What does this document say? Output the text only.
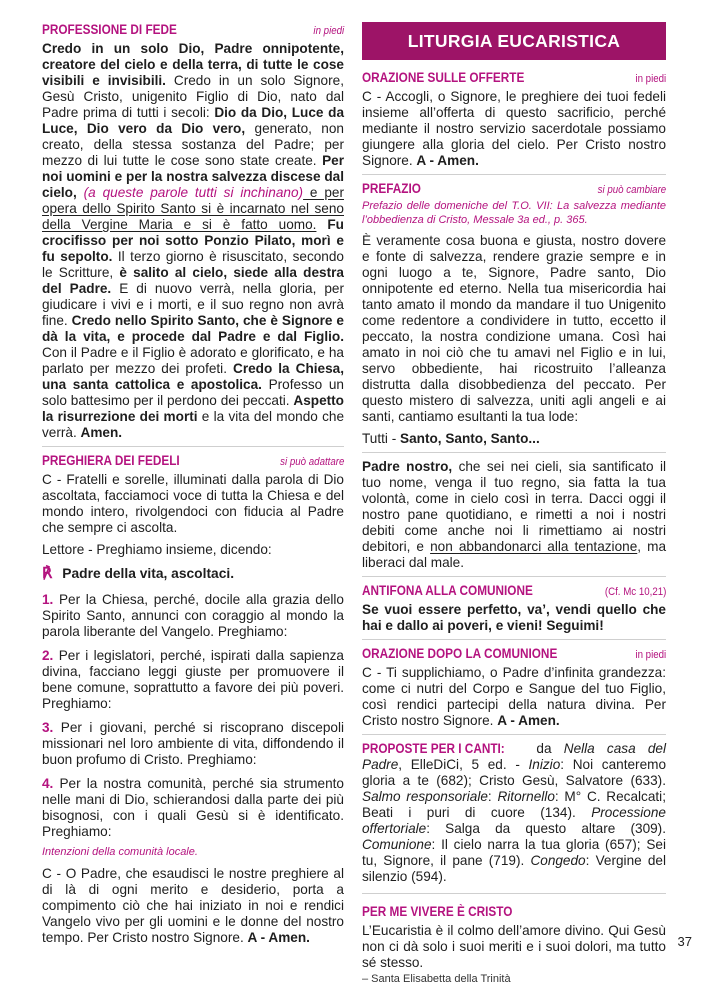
PROFESSIONE DI FEDE	in piedi

Credo in un solo Dio, Padre onnipotente, creatore del cielo e della terra, di tutte le cose visibili e invisibili. Credo in un solo Signore, Gesù Cristo, unigenito Figlio di Dio, nato dal Padre prima di tutti i secoli: Dio da Dio, Luce da Luce, Dio vero da Dio vero, generato, non creato, della stessa sostanza del Padre; per mezzo di lui tutte le cose sono state create. Per noi uomini e per la nostra salvezza discese dal cielo, (a queste parole tutti si inchinano) e per opera dello Spirito Santo si è incarnato nel seno della Vergine Maria e si è fatto uomo. Fu crocifisso per noi sotto Ponzio Pilato, morì e fu sepolto. Il terzo giorno è risuscitato, secondo le Scritture, è salito al cielo, siede alla destra del Padre. E di nuovo verrà, nella gloria, per giudicare i vivi e i morti, e il suo regno non avrà fine. Credo nello Spirito Santo, che è Signore e dà la vita, e procede dal Padre e dal Figlio. Con il Padre e il Figlio è adorato e glorificato, e ha parlato per mezzo dei profeti. Credo la Chiesa, una santa cattolica e apostolica. Professo un solo battesimo per il perdono dei peccati. Aspetto la risurrezione dei morti e la vita del mondo che verrà. Amen.

PREGHIERA DEI FEDELI	si può adattare

C - Fratelli e sorelle, illuminati dalla parola di Dio ascoltata, facciamoci voce di tutta la Chiesa e del mondo intero, rivolgendoci con fiducia al Padre che sempre ci ascolta.

Lettore - Preghiamo insieme, dicendo:

℟ Padre della vita, ascoltaci.

1. Per la Chiesa, perché, docile alla grazia dello Spirito Santo, annunci con coraggio al mondo la parola liberante del Vangelo. Preghiamo:

2. Per i legislatori, perché, ispirati dalla sapienza divina, facciano leggi giuste per promuovere il bene comune, soprattutto a favore dei più poveri. Preghiamo:

3. Per i giovani, perché si riscoprano discepoli missionari nel loro ambiente di vita, diffondendo il buon profumo di Cristo. Preghiamo:

4. Per la nostra comunità, perché sia strumento nelle mani di Dio, schierandosi dalla parte dei più bisognosi, con i quali Gesù si è identificato. Preghiamo:

Intenzioni della comunità locale.

C - O Padre, che esaudisci le nostre preghiere al di là di ogni merito e desiderio, porta a compimento ciò che hai iniziato in noi e rendici Vangelo vivo per gli uomini e le donne del nostro tempo. Per Cristo nostro Signore. A - Amen.

LITURGIA EUCARISTICA
ORAZIONE SULLE OFFERTE	in piedi

C - Accogli, o Signore, le preghiere dei tuoi fedeli insieme all’offerta di questo sacrificio, perché mediante il nostro servizio sacerdotale possiamo giungere alla gloria del cielo. Per Cristo nostro Signore. A - Amen.

PREFAZIO	si può cambiare

Prefazio delle domeniche del T.O. VII: La salvezza mediante l’obbedienza di Cristo, Messale 3a ed., p. 365.

È veramente cosa buona e giusta, nostro dovere e fonte di salvezza, rendere grazie sempre e in ogni luogo a te, Signore, Padre santo, Dio onnipotente ed eterno. Nella tua misericordia hai tanto amato il mondo da mandare il tuo Unigenito come redentore a condividere in tutto, eccetto il peccato, la nostra condizione umana. Così hai amato in noi ciò che tu amavi nel Figlio e in lui, servo obbediente, hai ricostruito l’alleanza distrutta dalla disobbedienza del peccato. Per questo mistero di salvezza, uniti agli angeli e ai santi, cantiamo esultanti la tua lode:

Tutti - Santo, Santo, Santo...

Padre nostro, che sei nei cieli, sia santificato il tuo nome, venga il tuo regno, sia fatta la tua volontà, come in cielo così in terra. Dacci oggi il nostro pane quotidiano, e rimetti a noi i nostri debiti come anche noi li rimettiamo ai nostri debitori, e non abbandonarci alla tentazione, ma liberaci dal male.

ANTIFONA ALLA COMUNIONE	(Cf. Mc 10,21)

Se vuoi essere perfetto, va’, vendi quello che hai e dallo ai poveri, e vieni! Seguimi!

ORAZIONE DOPO LA COMUNIONE	in piedi

C - Ti supplichiamo, o Padre d’infinita grandezza: come ci nutri del Corpo e Sangue del tuo Figlio, così rendici partecipi della natura divina. Per Cristo nostro Signore. A - Amen.

PROPOSTE PER I CANTI: da Nella casa del Padre, ElleDiCi, 5 ed. - Inizio: Noi canteremo gloria a te (682); Cristo Gesù, Salvatore (633). Salmo responsoriale: Ritornello: M° C. Recalcati; Beati i puri di cuore (134). Processione offertoriale: Salga da questo altare (309). Comunione: Il cielo narra la tua gloria (657); Sei tu, Signore, il pane (719). Congedo: Vergine del silenzio (594).

PER ME VIVERE È CRISTO

L’Eucaristia è il colmo dell’amore divino. Qui Gesù non ci dà solo i suoi meriti e i suoi dolori, ma tutto sé stesso.

– Santa Elisabetta della Trinità
37
